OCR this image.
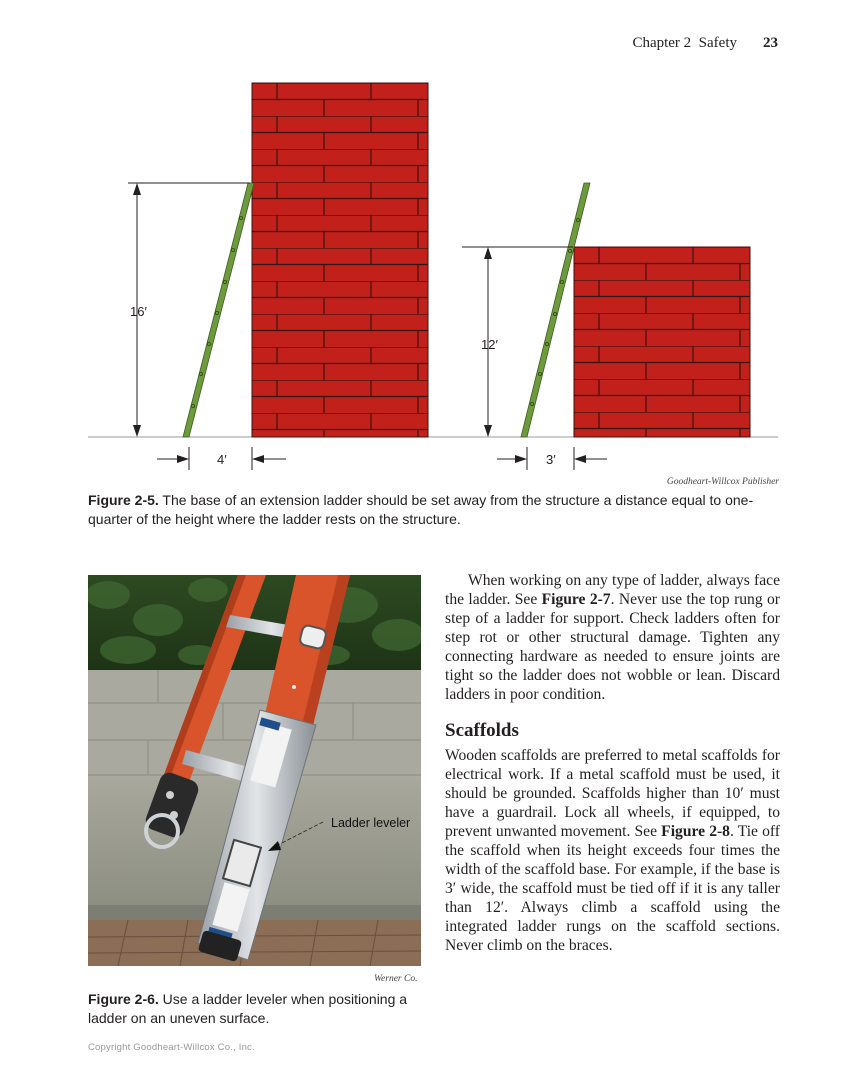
Chapter 2 Safety 23
16′
4′
12′
3′
Goodheart-Willcox Publisher
Figure 2-5. The base of an extension ladder should be set away from the structure a distance equal to one-quarter of the height where the ladder rests on the structure.
Ladder leveler
Werner Co.
Figure 2-6. Use a ladder leveler when positioning a ladder on an uneven surface.

When working on any type of ladder, always face the ladder. See Figure 2-7. Never use the top rung or step of a ladder for support. Check ladders often for step rot or other structural damage. Tighten any connecting hardware as needed to ensure joints are tight so the ladder does not wobble or lean. Discard ladders in poor condition.

Scaffolds

Wooden scaffolds are preferred to metal scaffolds for electrical work. If a metal scaffold must be used, it should be grounded. Scaffolds higher than 10′ must have a guardrail. Lock all wheels, if equipped, to prevent unwanted movement. See Figure 2-8. Tie off the scaffold when its height exceeds four times the width of the scaffold base. For example, if the base is 3′ wide, the scaffold must be tied off if it is any taller than 12′. Always climb a scaffold using the integrated ladder rungs on the scaffold sections. Never climb on the braces.

Copyright Goodheart-Willcox Co., Inc.
